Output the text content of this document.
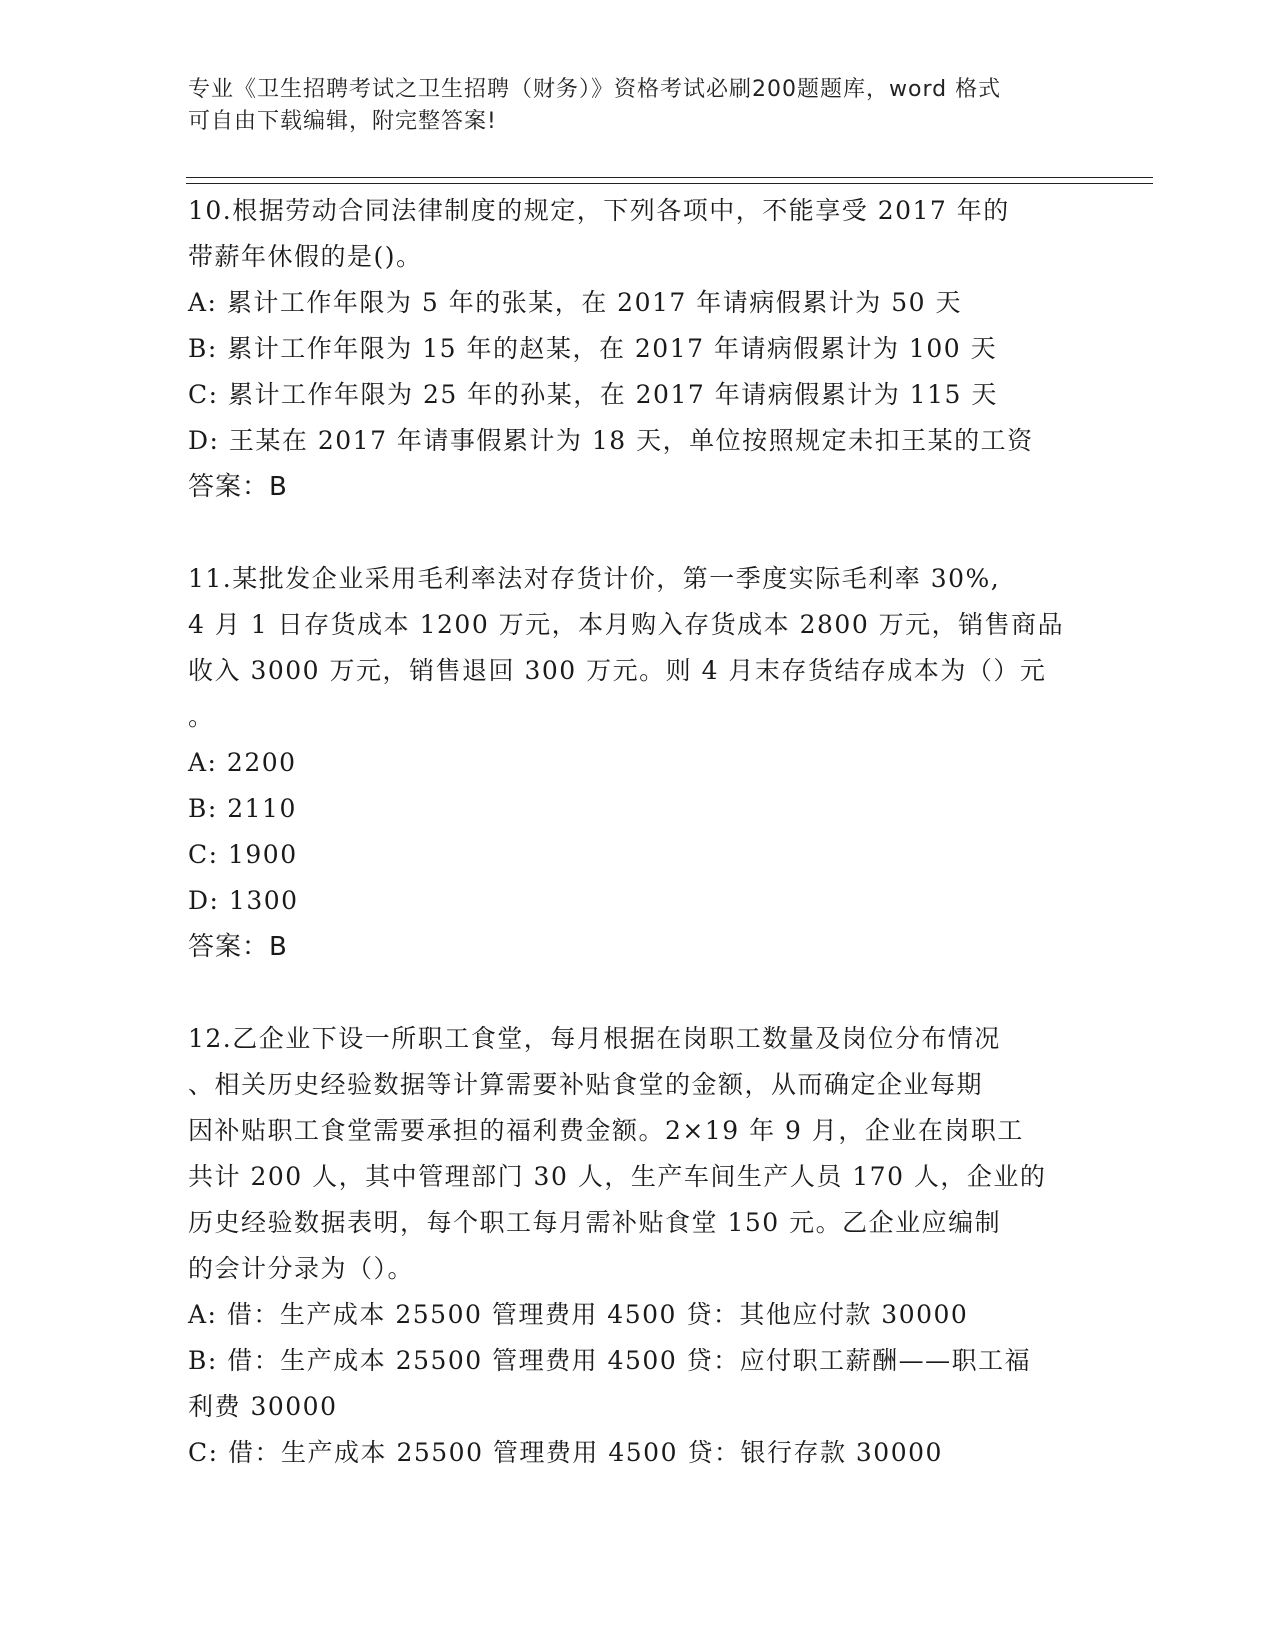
专业《卫生招聘考试之卫生招聘（财务）》资格考试必刷200题题库，word 格式
可自由下载编辑，附完整答案!
10.根据劳动合同法律制度的规定，下列各项中，不能享受 2017 年的
带薪年休假的是()。
A: 累计工作年限为 5 年的张某，在 2017 年请病假累计为 50 天
B: 累计工作年限为 15 年的赵某，在 2017 年请病假累计为 100 天
C: 累计工作年限为 25 年的孙某，在 2017 年请病假累计为 115 天
D: 王某在 2017 年请事假累计为 18 天，单位按照规定未扣王某的工资
答案：B
11.某批发企业采用毛利率法对存货计价，第一季度实际毛利率 30%,
4 月 1 日存货成本 1200 万元，本月购入存货成本 2800 万元，销售商品
收入 3000 万元，销售退回 300 万元。则 4 月末存货结存成本为（）元
。
A: 2200
B: 2110
C: 1900
D: 1300
答案：B
12.乙企业下设一所职工食堂，每月根据在岗职工数量及岗位分布情况
、相关历史经验数据等计算需要补贴食堂的金额，从而确定企业每期
因补贴职工食堂需要承担的福利费金额。2×19 年 9 月，企业在岗职工
共计 200 人，其中管理部门 30 人，生产车间生产人员 170 人，企业的
历史经验数据表明，每个职工每月需补贴食堂 150 元。乙企业应编制
的会计分录为（）。
A: 借：生产成本 25500 管理费用 4500 贷：其他应付款 30000
B: 借：生产成本 25500 管理费用 4500 贷：应付职工薪酬——职工福
利费 30000
C: 借：生产成本 25500 管理费用 4500 贷：银行存款 30000
